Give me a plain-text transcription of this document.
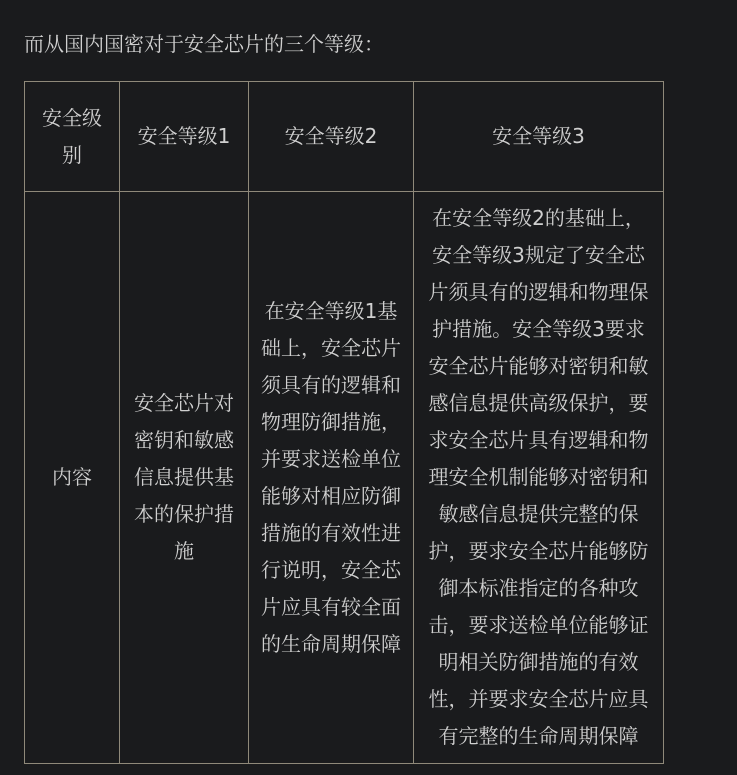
而从国内国密对于安全芯片的三个等级：

安全级别	安全等级1	安全等级2	安全等级3
内容	安全芯片对密钥和敏感信息提供基本的保护措施	在安全等级1基础上，安全芯片须具有的逻辑和物理防御措施，并要求送检单位能够对相应防御措施的有效性进行说明，安全芯片应具有较全面的生命周期保障	在安全等级2的基础上，安全等级3规定了安全芯片须具有的逻辑和物理保护措施。安全等级3要求安全芯片能够对密钥和敏感信息提供高级保护，要求安全芯片具有逻辑和物理安全机制能够对密钥和敏感信息提供完整的保护，要求安全芯片能够防御本标准指定的各种攻击，要求送检单位能够证明相关防御措施的有效性，并要求安全芯片应具有完整的生命周期保障
